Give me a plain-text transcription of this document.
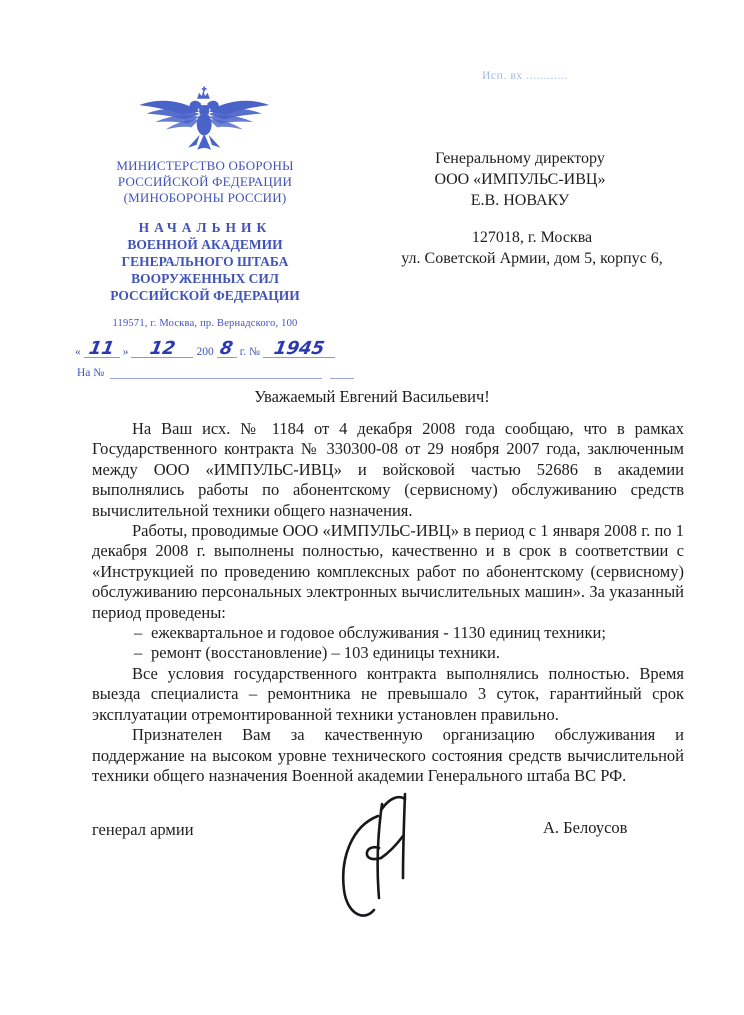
Исп. вх ............
МИНИСТЕРСТВО ОБОРОНЫ
РОССИЙСКОЙ ФЕДЕРАЦИИ
(МИНОБОРОНЫ РОССИИ)
НАЧАЛЬНИК
ВОЕННОЙ АКАДЕМИИ
ГЕНЕРАЛЬНОГО ШТАБА
ВООРУЖЕННЫХ СИЛ
РОССИЙСКОЙ ФЕДЕРАЦИИ
119571, г. Москва, пр. Вернадского, 100
« 11 » 12 200 8 г. № 1945
На №
Генеральному директору
ООО «ИМПУЛЬС-ИВЦ»
Е.В. НОВАКУ
127018, г. Москва
ул. Советской Армии, дом 5, корпус 6,
Уважаемый Евгений Васильевич!

На Ваш исх. № 1184 от 4 декабря 2008 года сообщаю, что в рамках Государственного контракта № 330300-08 от 29 ноября 2007 года, заключенным между ООО «ИМПУЛЬС-ИВЦ» и войсковой частью 52686 в академии выполнялись работы по абонентскому (сервисному) обслуживанию средств вычислительной техники общего назначения.

Работы, проводимые ООО «ИМПУЛЬС-ИВЦ» в период с 1 января 2008 г. по 1 декабря 2008 г. выполнены полностью, качественно и в срок в соответствии с «Инструкцией по проведению комплексных работ по абонентскому (сервисному) обслуживанию персональных электронных вычислительных машин». За указанный период проведены:

– ежеквартальное и годовое обслуживания - 1130 единиц техники;
– ремонт (восстановление) – 103 единицы техники.

Все условия государственного контракта выполнялись полностью. Время выезда специалиста – ремонтника не превышало 3 суток, гарантийный срок эксплуатации отремонтированной техники установлен правильно.

Признателен Вам за качественную организацию обслуживания и поддержание на высоком уровне технического состояния средств вычислительной техники общего назначения Военной академии Генерального штаба ВС РФ.

генерал армии	А. Белоусов
